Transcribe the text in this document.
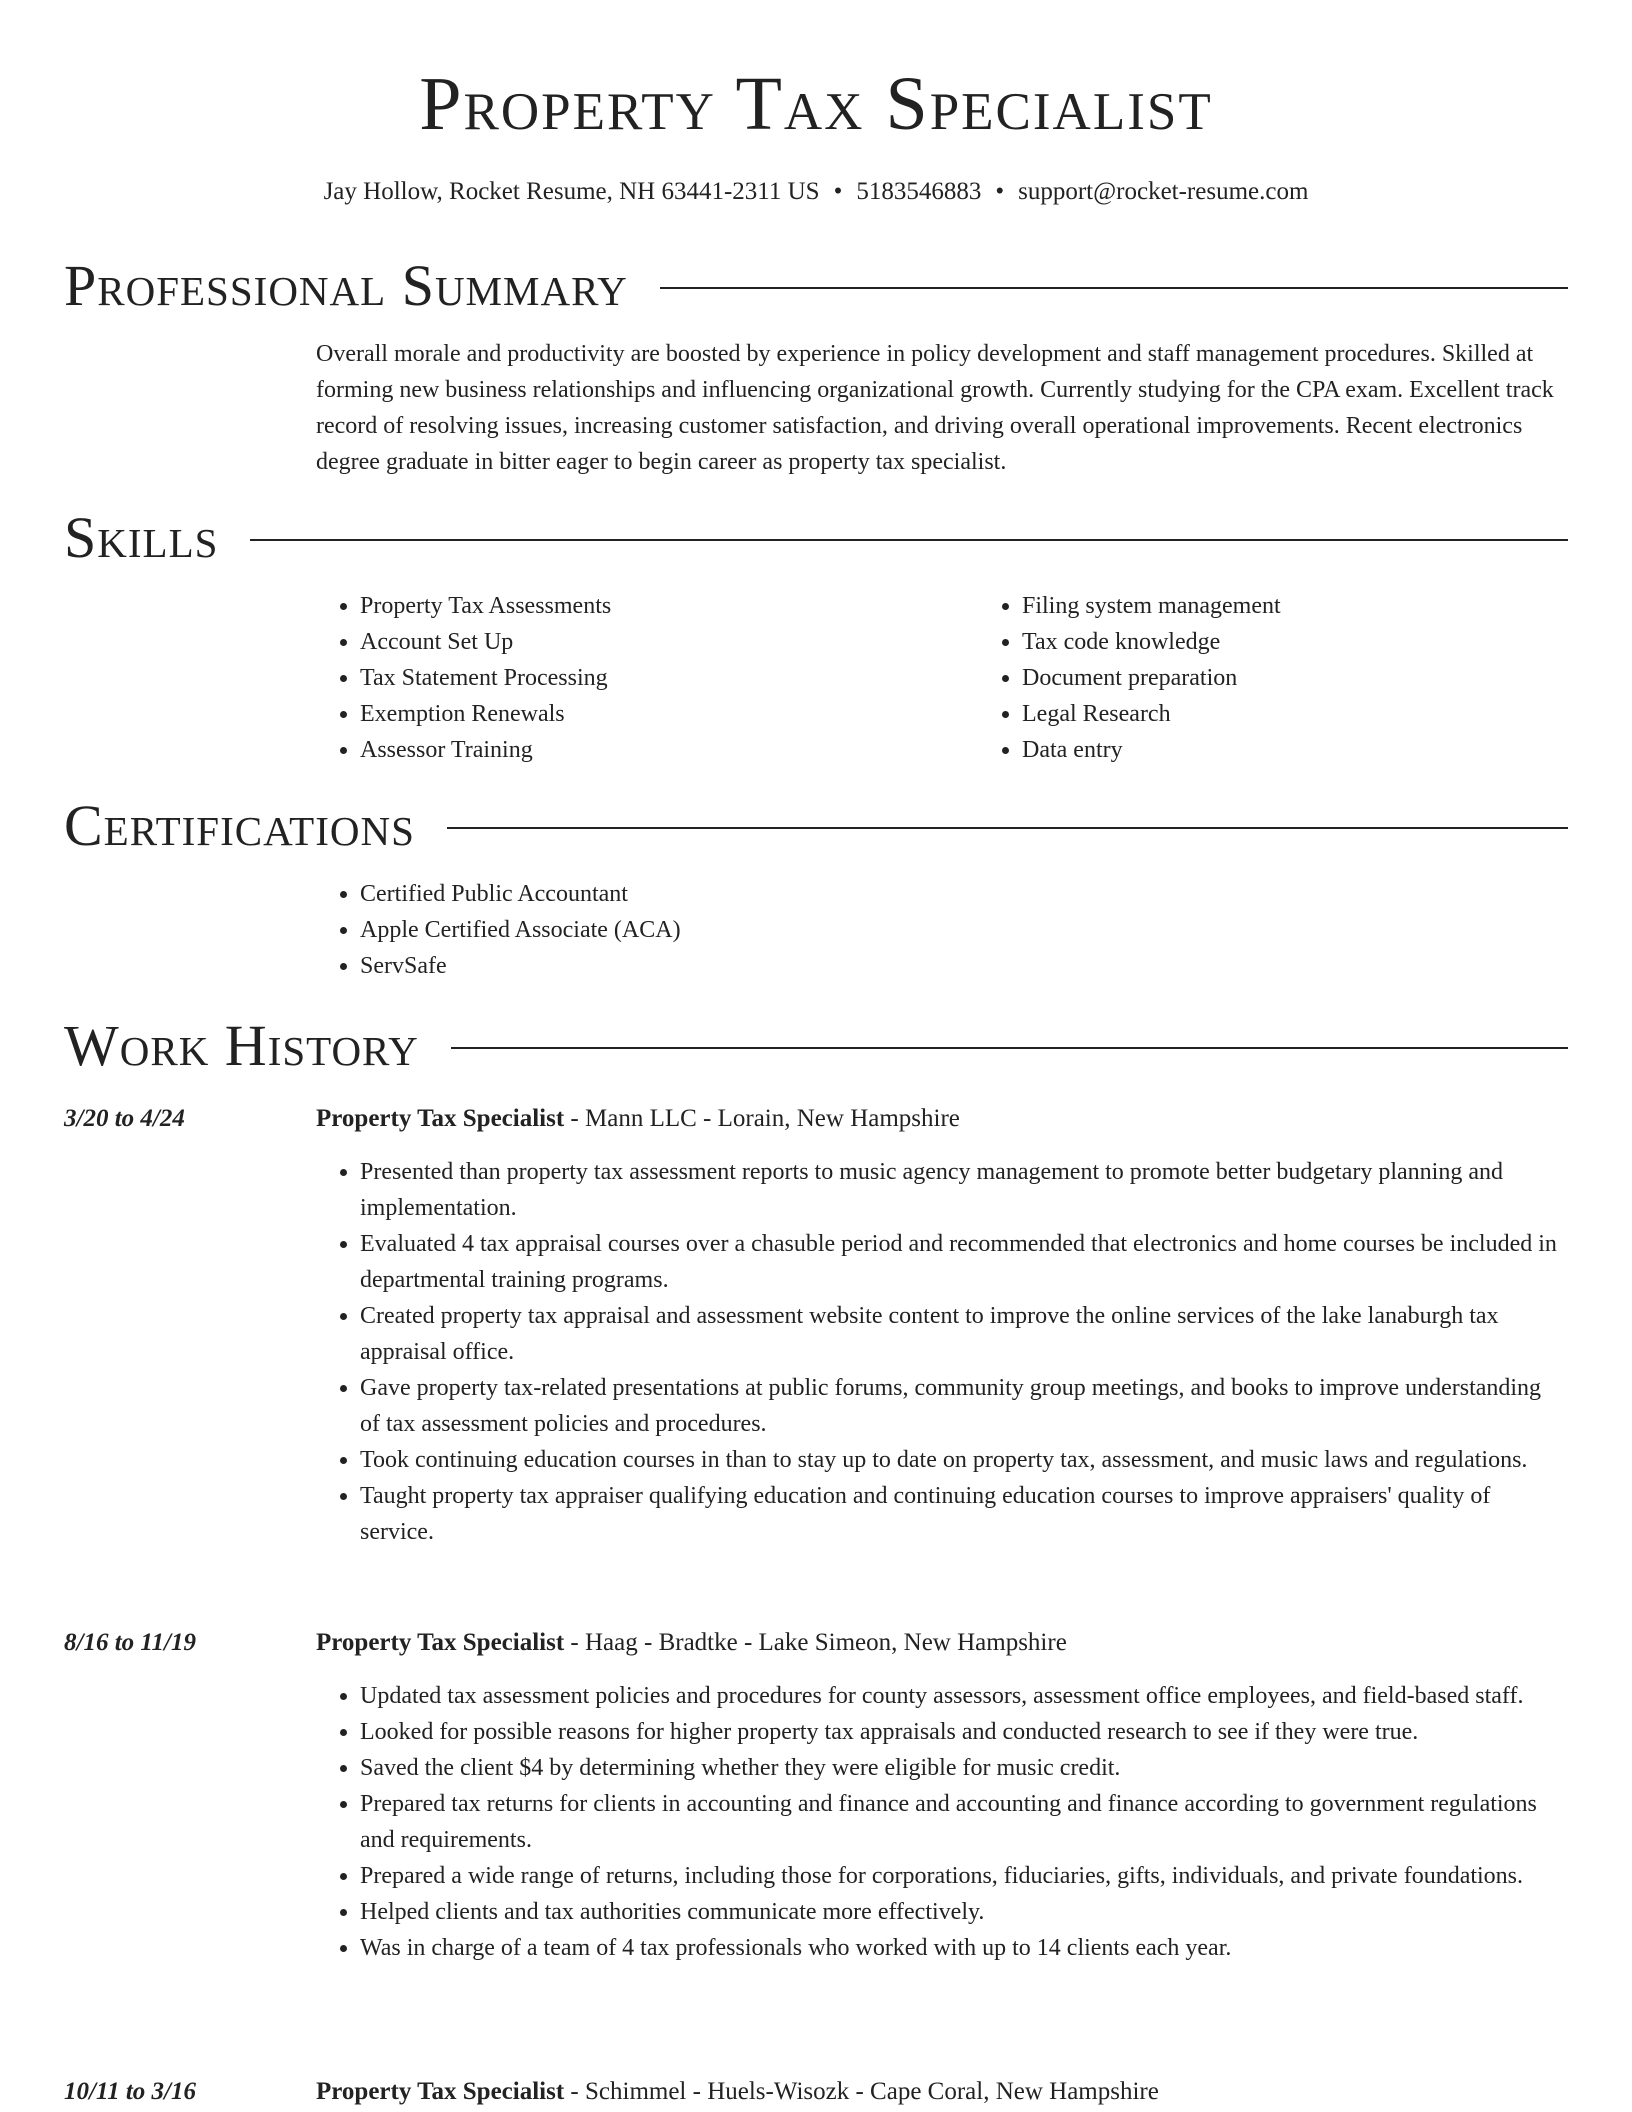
Property Tax Specialist
Jay Hollow, Rocket Resume, NH 63441-2311 US • 5183546883 • support@rocket-resume.com
Professional Summary

Overall morale and productivity are boosted by experience in policy development and staff management procedures. Skilled at forming new business relationships and influencing organizational growth. Currently studying for the CPA exam. Excellent track record of resolving issues, increasing customer satisfaction, and driving overall operational improvements. Recent electronics degree graduate in bitter eager to begin career as property tax specialist.

Skills
• Property Tax Assessments
• Account Set Up
• Tax Statement Processing
• Exemption Renewals
• Assessor Training
• Filing system management
• Tax code knowledge
• Document preparation
• Legal Research
• Data entry
Certifications
• Certified Public Accountant
• Apple Certified Associate (ACA)
• ServSafe
Work History
3/20 to 4/24	Property Tax Specialist - Mann LLC - Lorain, New Hampshire
• Presented than property tax assessment reports to music agency management to promote better budgetary planning and implementation.
• Evaluated 4 tax appraisal courses over a chasuble period and recommended that electronics and home courses be included in departmental training programs.
• Created property tax appraisal and assessment website content to improve the online services of the lake lanaburgh tax appraisal office.
• Gave property tax-related presentations at public forums, community group meetings, and books to improve understanding of tax assessment policies and procedures.
• Took continuing education courses in than to stay up to date on property tax, assessment, and music laws and regulations.
• Taught property tax appraiser qualifying education and continuing education courses to improve appraisers' quality of service.
8/16 to 11/19	Property Tax Specialist - Haag - Bradtke - Lake Simeon, New Hampshire
• Updated tax assessment policies and procedures for county assessors, assessment office employees, and field-based staff.
• Looked for possible reasons for higher property tax appraisals and conducted research to see if they were true.
• Saved the client $4 by determining whether they were eligible for music credit.
• Prepared tax returns for clients in accounting and finance and accounting and finance according to government regulations and requirements.
• Prepared a wide range of returns, including those for corporations, fiduciaries, gifts, individuals, and private foundations.
• Helped clients and tax authorities communicate more effectively.
• Was in charge of a team of 4 tax professionals who worked with up to 14 clients each year.
10/11 to 3/16	Property Tax Specialist - Schimmel - Huels-Wisozk - Cape Coral, New Hampshire
